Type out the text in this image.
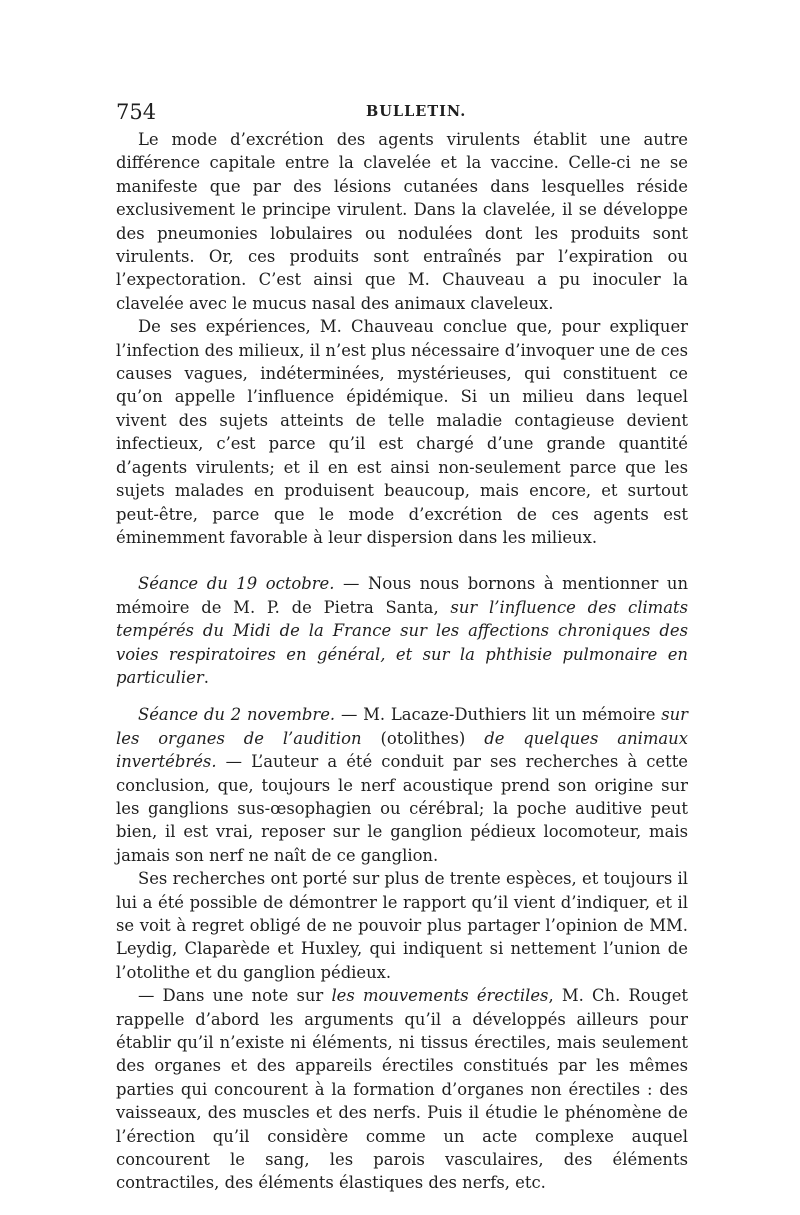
754	BULLETIN.

Le mode d’excrétion des agents virulents établit une autre différence capitale entre la clavelée et la vaccine. Celle-ci ne se manifeste que par des lésions cutanées dans lesquelles réside exclusivement le principe virulent. Dans la clavelée, il se développe des pneumonies lobulaires ou nodulées dont les produits sont virulents. Or, ces produits sont entraînés par l’expiration ou l’expectoration. C’est ainsi que M. Chauveau a pu inoculer la clavelée avec le mucus nasal des animaux claveleux.

De ses expériences, M. Chauveau conclue que, pour expliquer l’infection des milieux, il n’est plus nécessaire d’invoquer une de ces causes vagues, indéterminées, mystérieuses, qui constituent ce qu’on appelle l’influence épidémique. Si un milieu dans lequel vivent des sujets atteints de telle maladie contagieuse devient infectieux, c’est parce qu’il est chargé d’une grande quantité d’agents virulents; et il en est ainsi non-seulement parce que les sujets malades en produisent beaucoup, mais encore, et surtout peut-être, parce que le mode d’excrétion de ces agents est éminemment favorable à leur dispersion dans les milieux.

Séance du 19 octobre. — Nous nous bornons à mentionner un mémoire de M. P. de Pietra Santa, sur l’influence des climats tempérés du Midi de la France sur les affections chroniques des voies respiratoires en général, et sur la phthisie pulmonaire en particulier.

Séance du 2 novembre. — M. Lacaze-Duthiers lit un mémoire sur les organes de l’audition (otolithes) de quelques animaux invertébrés. — L’auteur a été conduit par ses recherches à cette conclusion, que, toujours le nerf acoustique prend son origine sur les ganglions sus-œsophagien ou cérébral; la poche auditive peut bien, il est vrai, reposer sur le ganglion pédieux locomoteur, mais jamais son nerf ne naît de ce ganglion.

Ses recherches ont porté sur plus de trente espèces, et toujours il lui a été possible de démontrer le rapport qu’il vient d’indiquer, et il se voit à regret obligé de ne pouvoir plus partager l’opinion de MM. Leydig, Claparède et Huxley, qui indiquent si nettement l’union de l’otolithe et du ganglion pédieux.

— Dans une note sur les mouvements érectiles, M. Ch. Rouget rappelle d’abord les arguments qu’il a développés ailleurs pour établir qu’il n’existe ni éléments, ni tissus érectiles, mais seulement des organes et des appareils érectiles constitués par les mêmes parties qui concourent à la formation d’organes non érectiles : des vaisseaux, des muscles et des nerfs. Puis il étudie le phénomène de l’érection qu’il considère comme un acte complexe auquel concourent le sang, les parois vasculaires, des éléments contractiles, des éléments élastiques des nerfs, etc.
